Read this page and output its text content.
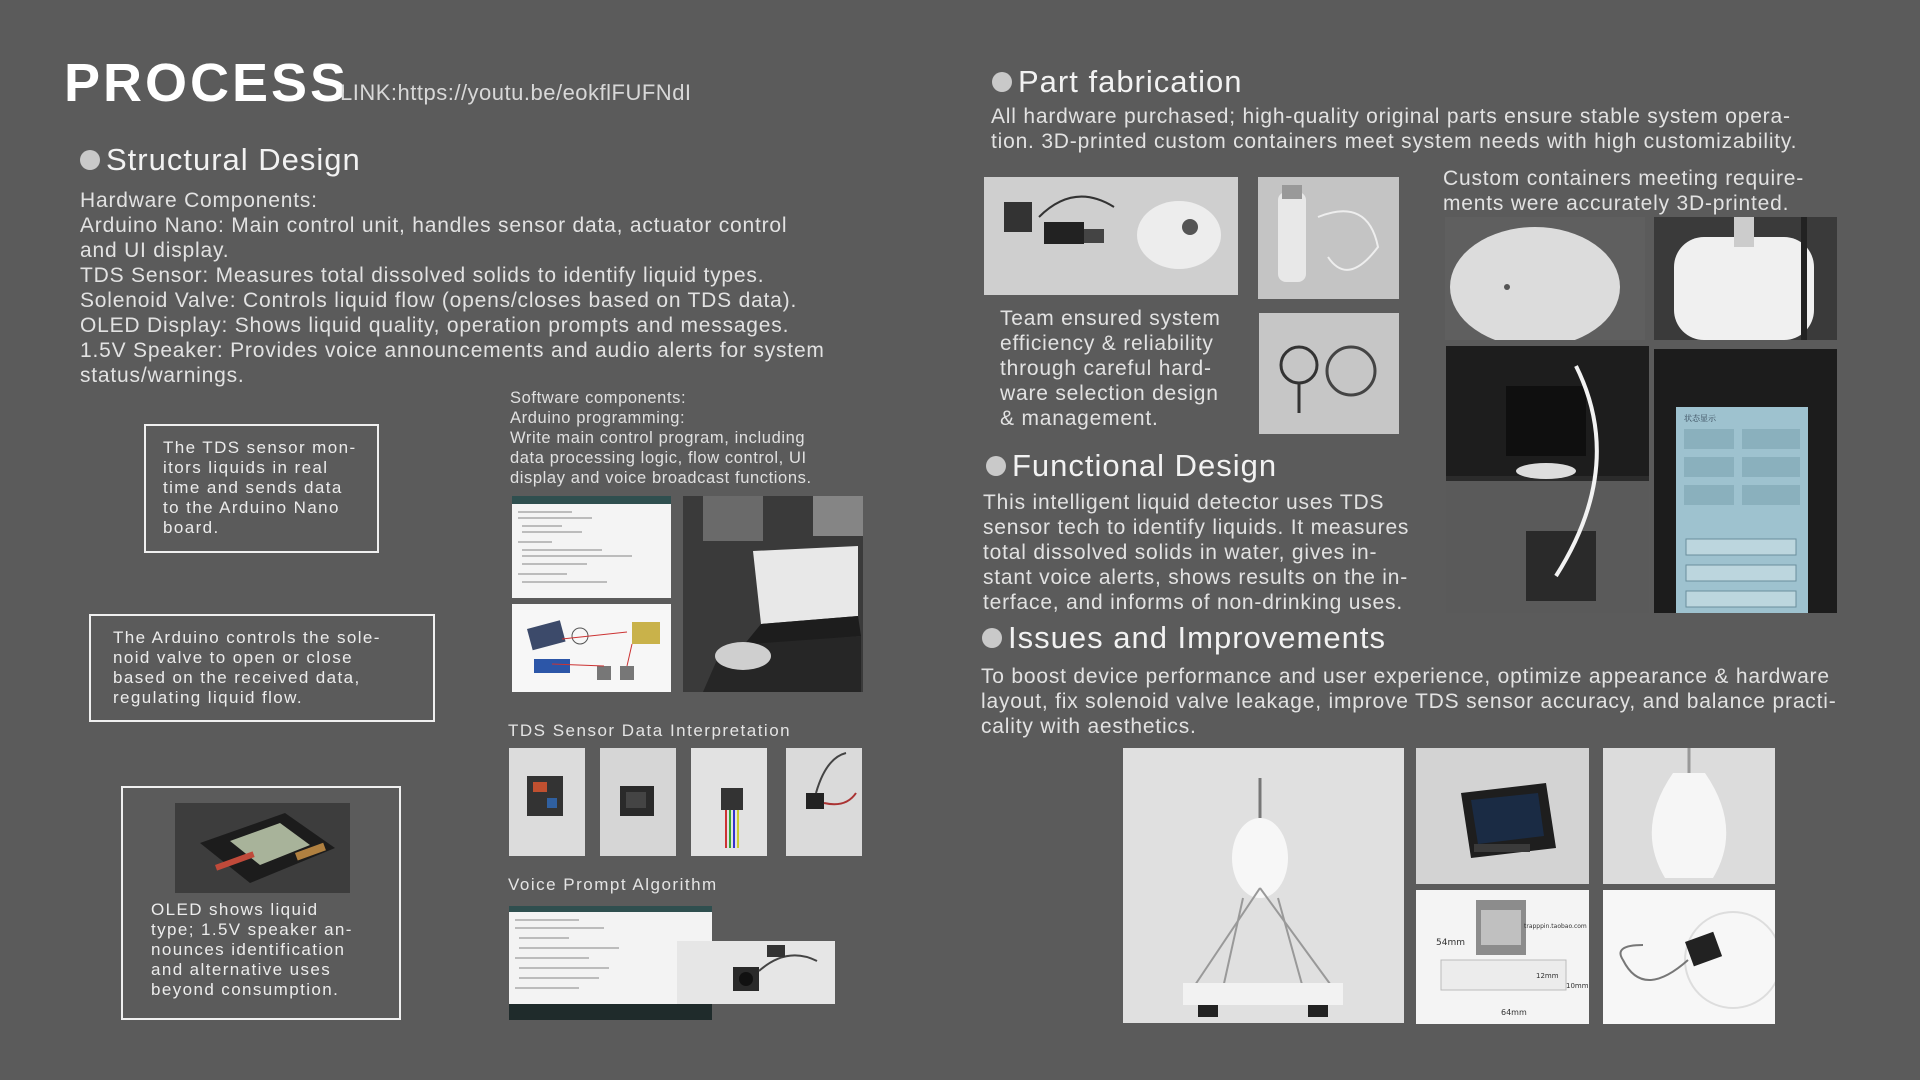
PROCESS
LINK:https://youtu.be/eokflFUFNdI
Structural Design
Hardware Components:
Arduino Nano: Main control unit, handles sensor data, actuator control
and UI display.
TDS Sensor: Measures total dissolved solids to identify liquid types.
Solenoid Valve: Controls liquid flow (opens/closes based on TDS data).
OLED Display: Shows liquid quality, operation prompts and messages.
1.5V Speaker: Provides voice announcements and audio alerts for system
status/warnings.
The TDS sensor mon-
itors liquids in real
time and sends data
to the Arduino Nano
board.
The Arduino controls the sole-
noid valve to open or close
based on the received data,
regulating liquid flow.
OLED shows liquid
type; 1.5V speaker an-
nounces identification
and alternative uses
beyond consumption.
Software components:
Arduino programming:
Write main control program, including
data processing logic, flow control, UI
display and voice broadcast functions.
TDS Sensor Data Interpretation
Voice Prompt Algorithm
Part fabrication
All hardware purchased; high-quality original parts ensure stable system opera-
tion. 3D-printed custom containers meet system needs with high customizability.
Team ensured system
efficiency & reliability
through careful hard-
ware selection design
& management.
Custom containers meeting require-
ments were accurately 3D-printed.
状态显示
Functional Design
This intelligent liquid detector uses TDS
sensor tech to identify liquids. It measures
total dissolved solids in water, gives in-
stant voice alerts, shows results on the in-
terface, and informs of non-drinking uses.
Issues and Improvements
To boost device performance and user experience, optimize appearance & hardware
layout, fix solenoid valve leakage, improve TDS sensor accuracy, and balance practi-
cality with aesthetics.
54mm
64mm
12mm
10mm
trapppin.taobao.com
